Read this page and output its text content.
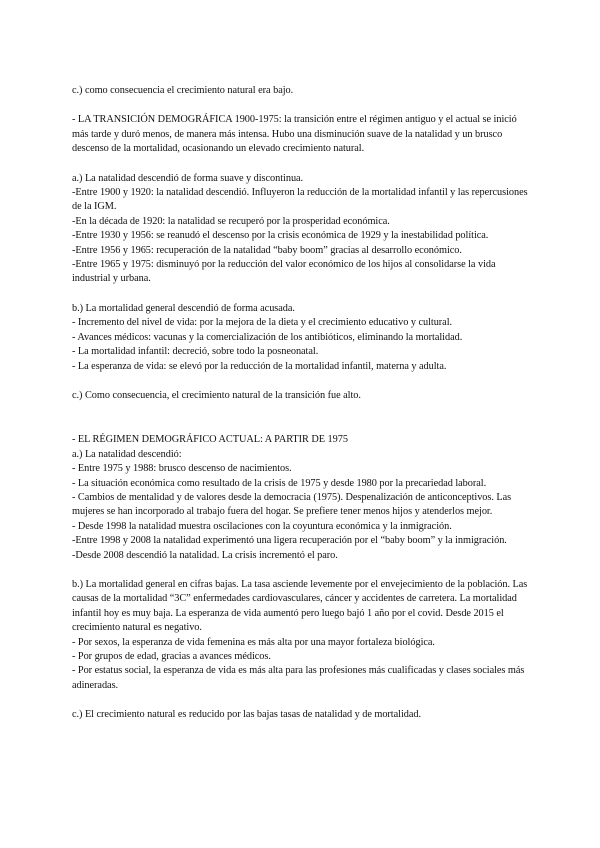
c.) como consecuencia el crecimiento natural era bajo.

- LA TRANSICIÓN DEMOGRÁFICA 1900-1975: la transición entre el régimen antiguo y el actual se inició más tarde y duró menos, de manera más intensa. Hubo una disminución suave de la natalidad y un brusco descenso de la mortalidad, ocasionando un elevado crecimiento natural.

a.) La natalidad descendió de forma suave y discontinua.

-Entre 1900 y 1920: la natalidad descendió. Influyeron la reducción de la mortalidad infantil y las repercusiones de la IGM.

-En la década de 1920: la natalidad se recuperó por la prosperidad económica.

-Entre 1930 y 1956: se reanudó el descenso por la crisis económica de 1929 y la inestabilidad política.

-Entre 1956 y 1965: recuperación de la natalidad “baby boom” gracias al desarrollo económico.

-Entre 1965 y 1975: disminuyó por la reducción del valor económico de los hijos al consolidarse la vida industrial y urbana.

b.) La mortalidad general descendió de forma acusada.

- Incremento del nivel de vida: por la mejora de la dieta y el crecimiento educativo y cultural.

- Avances médicos: vacunas y la comercialización de los antibióticos, eliminando la mortalidad.

- La mortalidad infantil: decreció, sobre todo la posneonatal.

- La esperanza de vida: se elevó por la reducción de la mortalidad infantil, materna y adulta.

c.) Como consecuencia, el crecimiento natural de la transición fue alto.

- EL RÉGIMEN DEMOGRÁFICO ACTUAL: A PARTIR DE 1975

a.) La natalidad descendió:

- Entre 1975 y 1988: brusco descenso de nacimientos.

- La situación económica como resultado de la crisis de 1975 y desde 1980 por la precariedad laboral.

- Cambios de mentalidad y de valores desde la democracia (1975). Despenalización de anticonceptivos. Las mujeres se han incorporado al trabajo fuera del hogar. Se prefiere tener menos hijos y atenderlos mejor.

- Desde 1998 la natalidad muestra oscilaciones con la coyuntura económica y la inmigración.

-Entre 1998 y 2008 la natalidad experimentó una ligera recuperación por el “baby boom” y la inmigración.

-Desde 2008 descendió la natalidad. La crisis incrementó el paro.

b.) La mortalidad general en cifras bajas. La tasa asciende levemente por el envejecimiento de la población. Las causas de la mortalidad “3C” enfermedades cardiovasculares, cáncer y accidentes de carretera. La mortalidad infantil hoy es muy baja. La esperanza de vida aumentó pero luego bajó 1 año por el covid. Desde 2015 el crecimiento natural es negativo.

- Por sexos, la esperanza de vida femenina es más alta por una mayor fortaleza biológica.

- Por grupos de edad, gracias a avances médicos.

- Por estatus social, la esperanza de vida es más alta para las profesiones más cualificadas y clases sociales más adineradas.

c.) El crecimiento natural es reducido por las bajas tasas de natalidad y de mortalidad.
